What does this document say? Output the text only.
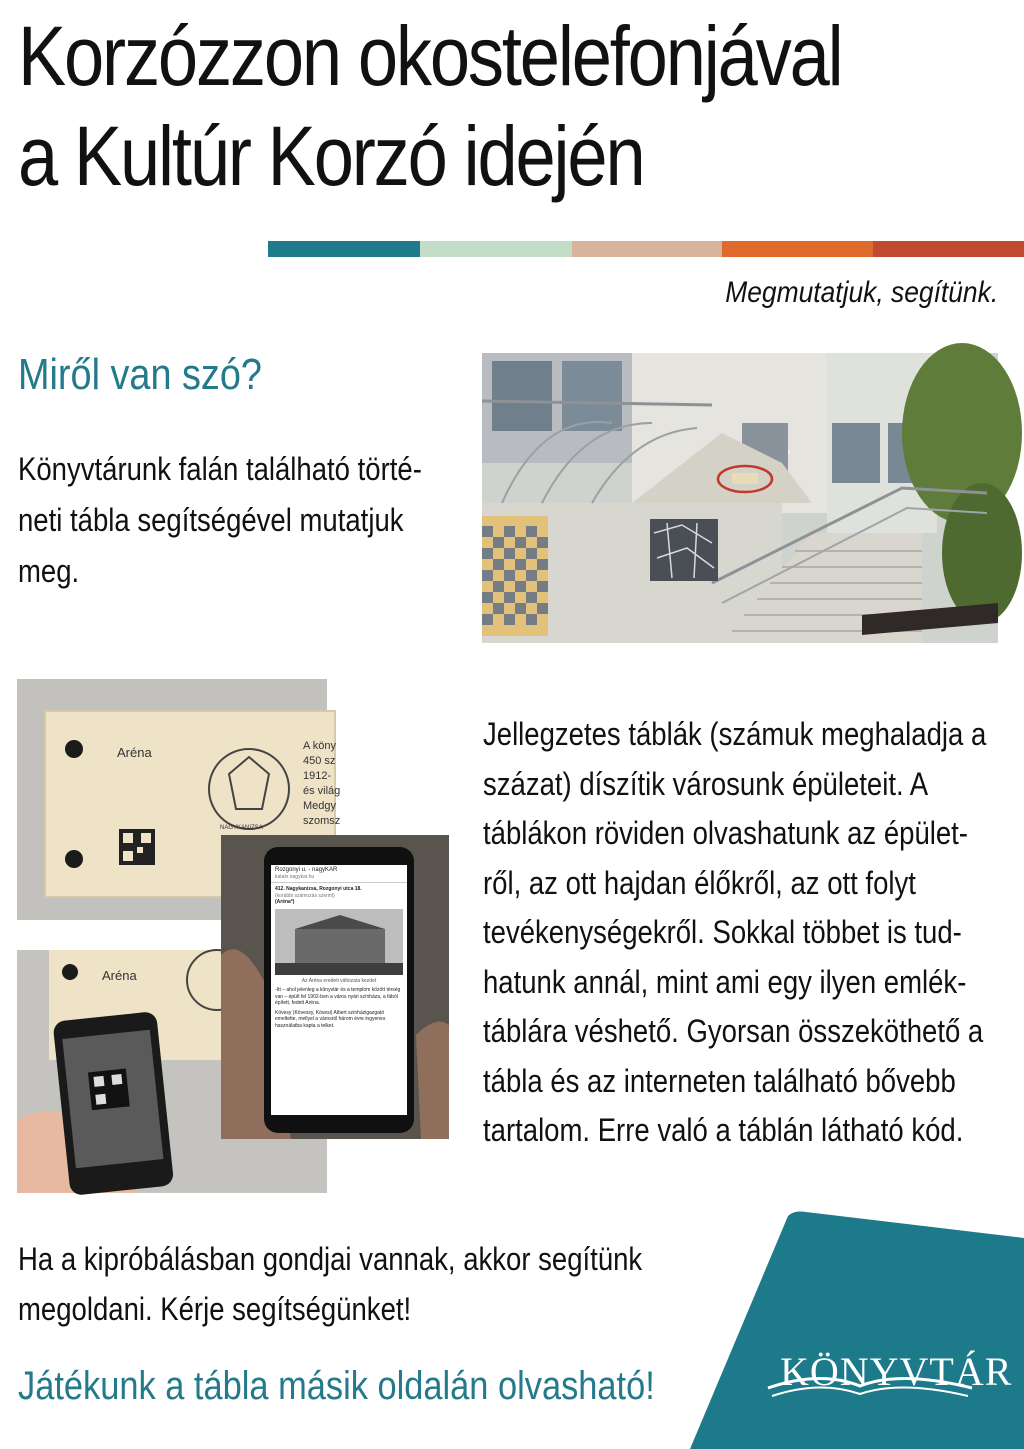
Korzózzon okostelefonjával
a Kultúr Korzó idején
Megmutatjuk, segítünk.
Miről van szó?
Könyvtárunk falán található törté-
neti tábla segítségével mutatjuk
meg.
Aréna	A köny
450 sz
1912-
és világ
Medgy
szomsz
NAGYKANIZSA
Aréna
Rozgonyi u. - nagyKAR
katalo.nagykar.hu
412. Nagykanizsa, Rozgonyi utca 18.
(korábbi számozás szerint)
(Aréna*)
Az Aréna eredeti változata kezdet
-Itt – ahol jelenleg a könyvtár és a templom között térség van – épült fel 1902-ben a város nyári színháza, a fából épített, fedett Aréna.
Kövesy (Kövessy, Kövesi) Albert színházigazgató emeltette, mellyel a városról három évre ingyenes használatba kapta a telket.
Jellegzetes táblák (számuk meghaladja a
százat) díszítik városunk épületeit. A
táblákon röviden olvashatunk az épület-
ről, az ott hajdan élőkről, az ott folyt
tevékenységekről. Sokkal többet is tud-
hatunk annál, mint ami egy ilyen emlék-
táblára véshető. Gyorsan összeköthető a
tábla és az interneten található bővebb
tartalom. Erre való a táblán látható kód.
Ha a kipróbálásban gondjai vannak, akkor segítünk
megoldani. Kérje segítségünket!
Játékunk a tábla másik oldalán olvasható!	KÖNYVTÁR
